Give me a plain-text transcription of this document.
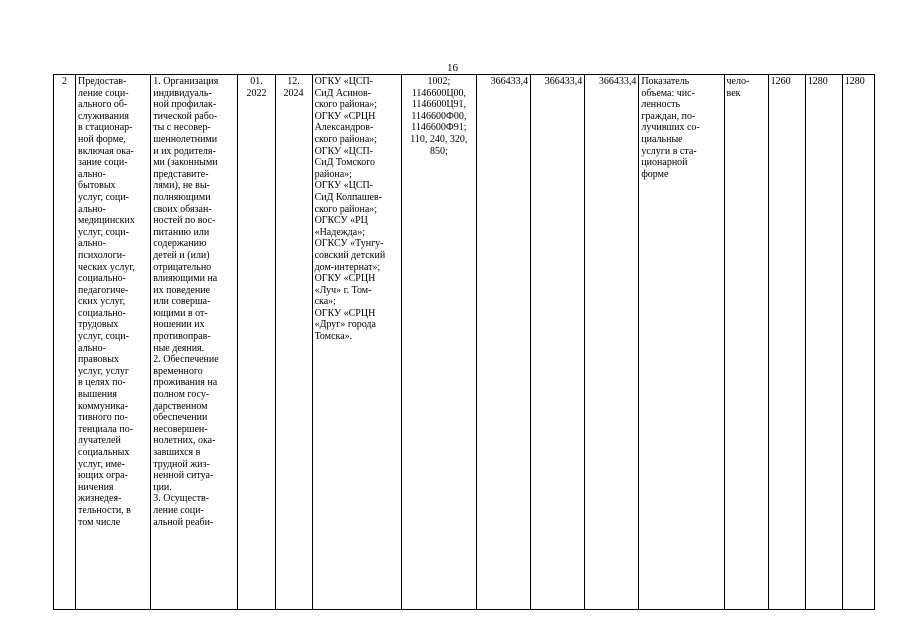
16
2	Предостав-
ление соци-
ального об-
служивания
в стационар-
ной форме,
включая ока-
зание соци-
ально-
бытовых
услуг, соци-
ально-
медицинских
услуг, соци-
ально-
психологи-
ческих услуг,
социально-
педагогиче-
ских услуг,
социально-
трудовых
услуг, соци-
ально-
правовых
услуг, услуг
в целях по-
вышения
коммуника-
тивного по-
тенциала по-
лучателей
социальных
услуг, име-
ющих огра-
ничения
жизнедея-
тельности, в
том числе	1. Организация
индивидуаль-
ной профилак-
тической рабо-
ты с несовер-
шеннолетними
и их родителя-
ми (законными
представите-
лями), не вы-
полняющими
своих обязан-
ностей по вос-
питанию или
содержанию
детей и (или)
отрицательно
влияющими на
их поведение
или соверша-
ющими в от-
ношении их
противоправ-
ные деяния.
2. Обеспечение
временного
проживания на
полном госу-
дарственном
обеспечении
несовершен-
нолетних, ока-
завшихся в
трудной жиз-
ненной ситуа-
ции.
3. Осуществ-
ление соци-
альной реаби-	01.
2022	12.
2024	ОГКУ «ЦСП-
СиД Асинов-
ского района»;
ОГКУ «СРЦН
Александров-
ского района»;
ОГКУ «ЦСП-
СиД Томского
района»;
ОГКУ «ЦСП-
СиД Колпашев-
ского района»;
ОГКСУ «РЦ
«Надежда»;
ОГКСУ «Тунгу-
совский детский
дом-интернат»;
ОГКУ «СРЦН
«Луч» г. Том-
ска»;
ОГКУ «СРЦН
«Друг» города
Томска».	1002;
1146600Ц00,
1146600Ц91,
1146600Ф00,
1146600Ф91;
110, 240, 320,
850;	366433,4	366433,4	366433,4	Показатель
объема: чис-
ленность
граждан, по-
лучивших со-
циальные
услуги в ста-
ционарной
форме	чело-
век	1260	1280	1280
